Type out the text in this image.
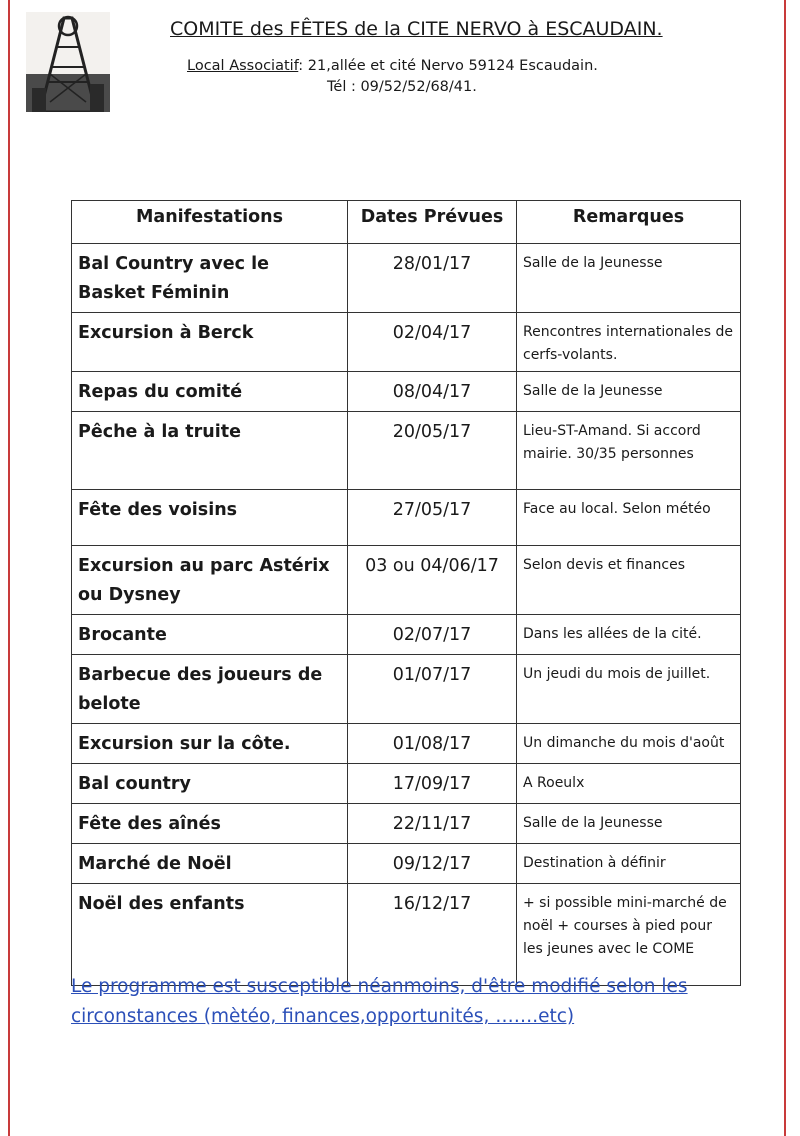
COMITE des FÊTES de la CITE NERVO à ESCAUDAIN.
Local Associatif: 21,allée et cité Nervo 59124 Escaudain.
Tél : 09/52/52/68/41.
Manifestations	Dates Prévues	Remarques
Bal Country avec le Basket Féminin	28/01/17	Salle de la Jeunesse
Excursion à Berck	02/04/17	Rencontres internationales de cerfs-volants.
Repas du comité	08/04/17	Salle de la Jeunesse
Pêche à la truite	20/05/17	Lieu-ST-Amand. Si accord mairie. 30/35 personnes
Fête des voisins	27/05/17	Face au local. Selon météo
Excursion au parc Astérix ou Dysney	03 ou 04/06/17	Selon devis et finances
Brocante	02/07/17	Dans les allées de la cité.
Barbecue des joueurs de belote	01/07/17	Un jeudi du mois de juillet.
Excursion sur la côte.	01/08/17	Un dimanche du mois d'août
Bal country	17/09/17	A Roeulx
Fête des aînés	22/11/17	Salle de la Jeunesse
Marché de Noël	09/12/17	Destination à définir
Noël des enfants	16/12/17	+ si possible mini-marché de noël + courses à pied pour les jeunes avec le COME
Le programme est susceptible néanmoins, d'être modifié selon les circonstances (mètéo, finances,opportunités, …….etc)
